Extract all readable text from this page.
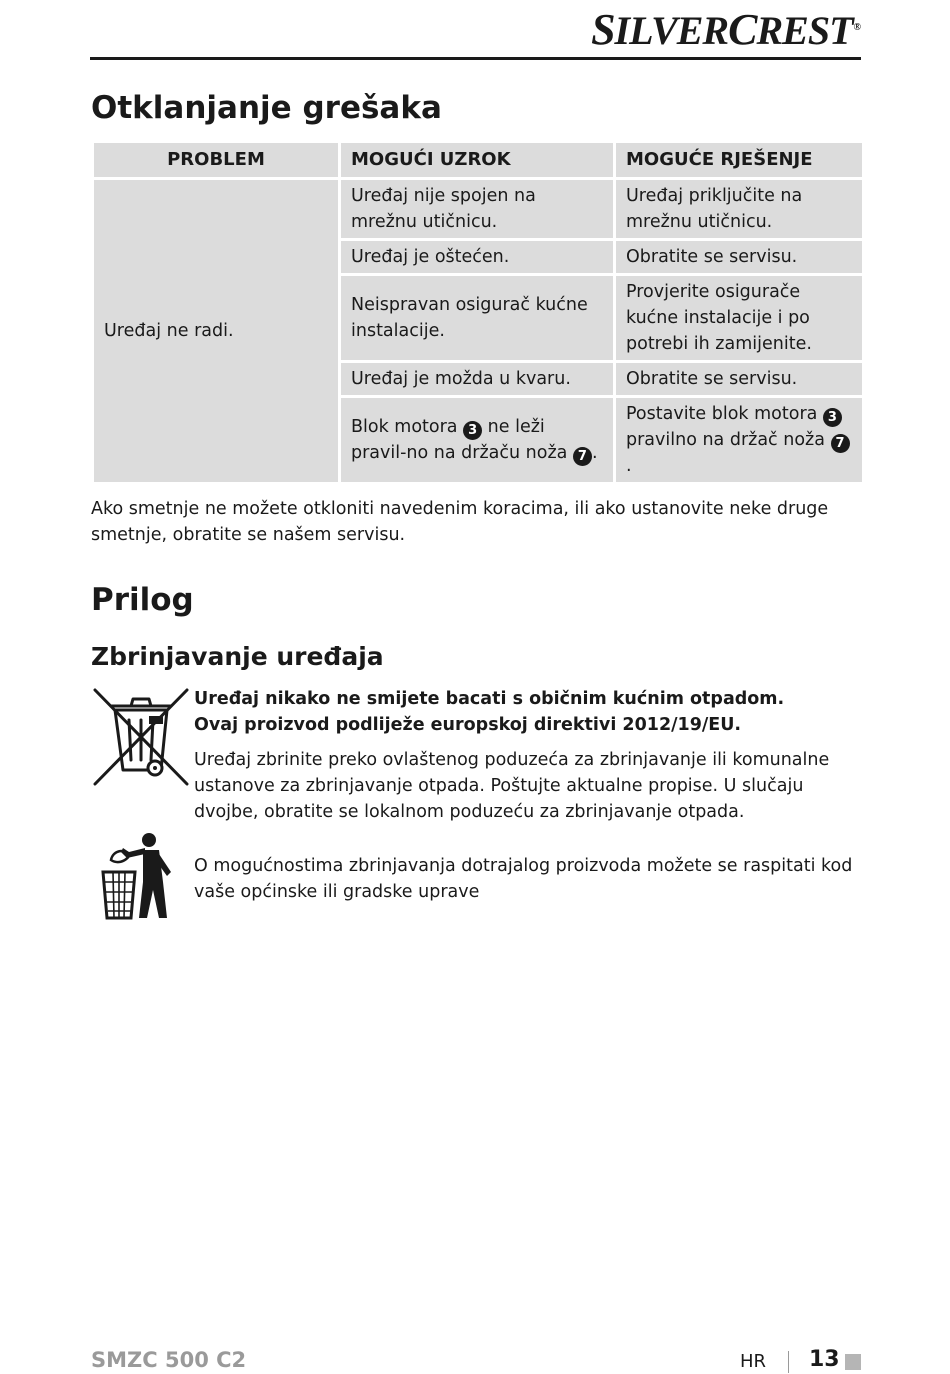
SILVERCREST®
Otklanjanje grešaka
PROBLEM	MOGUĆI UZROK	MOGUĆE RJEŠENJE
Uređaj ne radi.	Uređaj nije spojen na mrežnu utičnicu.	Uređaj priključite na mrežnu utičnicu.
	Uređaj je oštećen.	Obratite se servisu.
	Neispravan osigurač kućne instalacije.	Provjerite osigurače kućne instalacije i po potrebi ih zamijenite.
	Uređaj je možda u kvaru.	Obratite se servisu.
	Blok motora 3 ne leži pravil-no na držaču noža 7 .	Postavite blok motora 3 pravilno na držač noža 7.

Ako smetnje ne možete otkloniti navedenim koracima, ili ako ustanovite neke druge smetnje, obratite se našem servisu.

Prilog
Zbrinjavanje uređaja

Uređaj nikako ne smijete bacati s običnim kućnim otpadom.
Ovaj proizvod podliježe europskoj direktivi 2012/19/EU.

Uređaj zbrinite preko ovlaštenog poduzeća za zbrinjavanje ili komunalne ustanove za zbrinjavanje otpada. Poštujte aktualne propise. U slučaju dvojbe, obratite se lokalnom poduzeću za zbrinjavanje otpada.

O mogućnostima zbrinjavanja dotrajalog proizvoda možete se raspitati kod vaše općinske ili gradske uprave

SMZC 500 C2	HR 13
